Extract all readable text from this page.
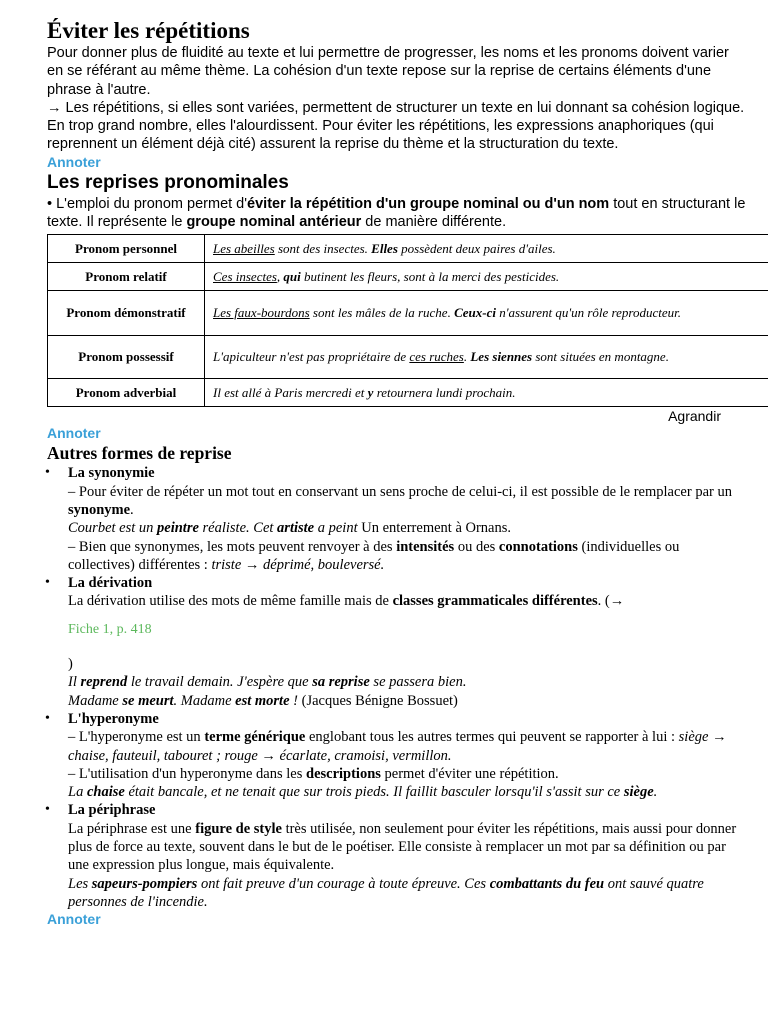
Éviter les répétitions

Pour donner plus de fluidité au texte et lui permettre de progresser, les noms et les pronoms doivent varier en se référant au même thème. La cohésion d'un texte repose sur la reprise de certains éléments d'une phrase à l'autre.

→ Les répétitions, si elles sont variées, permettent de structurer un texte en lui donnant sa cohésion logique. En trop grand nombre, elles l'alourdissent. Pour éviter les répétitions, les expressions anaphoriques (qui reprennent un élément déjà cité) assurent la reprise du thème et la structuration du texte.

Annoter
Les reprises pronominales

• L'emploi du pronom permet d'éviter la répétition d'un groupe nominal ou d'un nom tout en structurant le texte. Il représente le groupe nominal antérieur de manière différente.

Pronom personnel	Les abeilles sont des insectes. Elles possèdent deux paires d'ailes.
Pronom relatif	Ces insectes, qui butinent les fleurs, sont à la merci des pesticides.
Pronom démonstratif	Les faux-bourdons sont les mâles de la ruche. Ceux-ci n'assurent qu'un rôle reproducteur.
Pronom possessif	L'apiculteur n'est pas propriétaire de ces ruches. Les siennes sont situées en montagne.
Pronom adverbial	Il est allé à Paris mercredi et y retournera lundi prochain.
Agrandir
Annoter
Autres formes de reprise
• La synonymie
– Pour éviter de répéter un mot tout en conservant un sens proche de celui-ci, il est possible de le remplacer par un synonyme.
Courbet est un peintre réaliste. Cet artiste a peint Un enterrement à Ornans.
– Bien que synonymes, les mots peuvent renvoyer à des intensités ou des connotations (individuelles ou collectives) différentes : triste → déprimé, bouleversé.
• La dérivation
La dérivation utilise des mots de même famille mais de classes grammaticales différentes. (→
Fiche 1, p. 418
)
Il reprend le travail demain. J'espère que sa reprise se passera bien.
Madame se meurt. Madame est morte ! (Jacques Bénigne Bossuet)
• L'hyperonyme
– L'hyperonyme est un terme générique englobant tous les autres termes qui peuvent se rapporter à lui : siège → chaise, fauteuil, tabouret ; rouge → écarlate, cramoisi, vermillon.
– L'utilisation d'un hyperonyme dans les descriptions permet d'éviter une répétition.
La chaise était bancale, et ne tenait que sur trois pieds. Il faillit basculer lorsqu'il s'assit sur ce siège.
• La périphrase
La périphrase est une figure de style très utilisée, non seulement pour éviter les répétitions, mais aussi pour donner plus de force au texte, souvent dans le but de le poétiser. Elle consiste à remplacer un mot par sa définition ou par une expression plus longue, mais équivalente.
Les sapeurs-pompiers ont fait preuve d'un courage à toute épreuve. Ces combattants du feu ont sauvé quatre personnes de l'incendie.
Annoter
